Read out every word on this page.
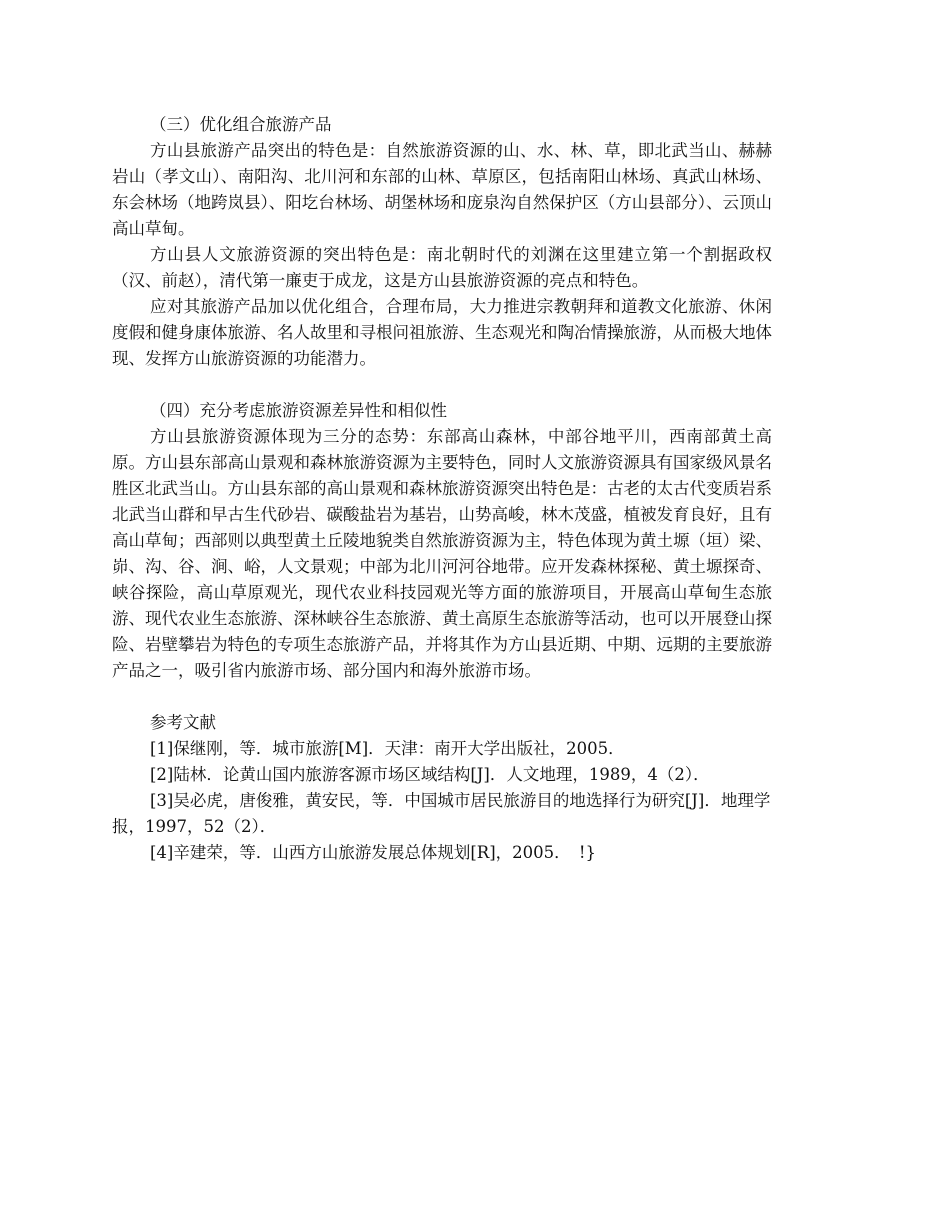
（三）优化组合旅游产品

方山县旅游产品突出的特色是：自然旅游资源的山、水、林、草，即北武当山、赫赫岩山（孝文山）、南阳沟、北川河和东部的山林、草原区，包括南阳山林场、真武山林场、东会林场（地跨岚县）、阳圪台林场、胡堡林场和庞泉沟自然保护区（方山县部分）、云顶山高山草甸。

方山县人文旅游资源的突出特色是：南北朝时代的刘渊在这里建立第一个割据政权（汉、前赵），清代第一廉吏于成龙，这是方山县旅游资源的亮点和特色。

应对其旅游产品加以优化组合，合理布局，大力推进宗教朝拜和道教文化旅游、休闲度假和健身康体旅游、名人故里和寻根问祖旅游、生态观光和陶冶情操旅游，从而极大地体现、发挥方山旅游资源的功能潜力。

（四）充分考虑旅游资源差异性和相似性

方山县旅游资源体现为三分的态势：东部高山森林，中部谷地平川，西南部黄土高原。方山县东部高山景观和森林旅游资源为主要特色，同时人文旅游资源具有国家级风景名胜区北武当山。方山县东部的高山景观和森林旅游资源突出特色是：古老的太古代变质岩系北武当山群和早古生代砂岩、碳酸盐岩为基岩，山势高峻，林木茂盛，植被发育良好，且有高山草甸；西部则以典型黄土丘陵地貌类自然旅游资源为主，特色体现为黄土塬（垣）梁、峁、沟、谷、涧、峪，人文景观；中部为北川河河谷地带。应开发森林探秘、黄土塬探奇、峡谷探险，高山草原观光，现代农业科技园观光等方面的旅游项目，开展高山草甸生态旅游、现代农业生态旅游、深林峡谷生态旅游、黄土高原生态旅游等活动，也可以开展登山探险、岩壁攀岩为特色的专项生态旅游产品，并将其作为方山县近期、中期、远期的主要旅游产品之一，吸引省内旅游市场、部分国内和海外旅游市场。

参考文献

[1]保继刚，等．城市旅游[M]．天津：南开大学出版社，2005．

[2]陆林．论黄山国内旅游客源市场区域结构[J]．人文地理，1989，4（2）．

[3]吴必虎，唐俊雅，黄安民，等．中国城市居民旅游目的地选择行为研究[J]．地理学报，1997，52（2）．

[4]辛建荣，等．山西方山旅游发展总体规划[R]，2005．　!}
